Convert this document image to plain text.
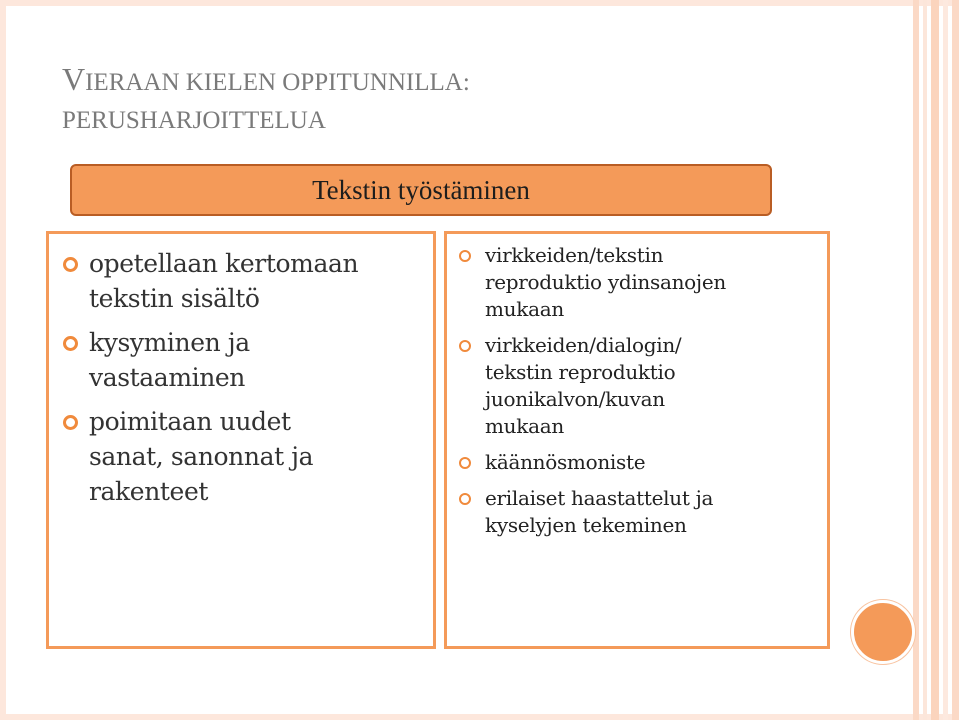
VIERAAN KIELEN OPPITUNNILLA:
PERUSHARJOITTELUA
Tekstin työstäminen
opetellaan kertomaan
tekstin sisältö
kysyminen ja
vastaaminen
poimitaan uudet
sanat, sanonnat ja
rakenteet
virkkeiden/tekstin
reproduktio ydinsanojen
mukaan
virkkeiden/dialogin/
tekstin reproduktio
juonikalvon/kuvan
mukaan
käännösmoniste
erilaiset haastattelut ja
kyselyjen tekeminen
